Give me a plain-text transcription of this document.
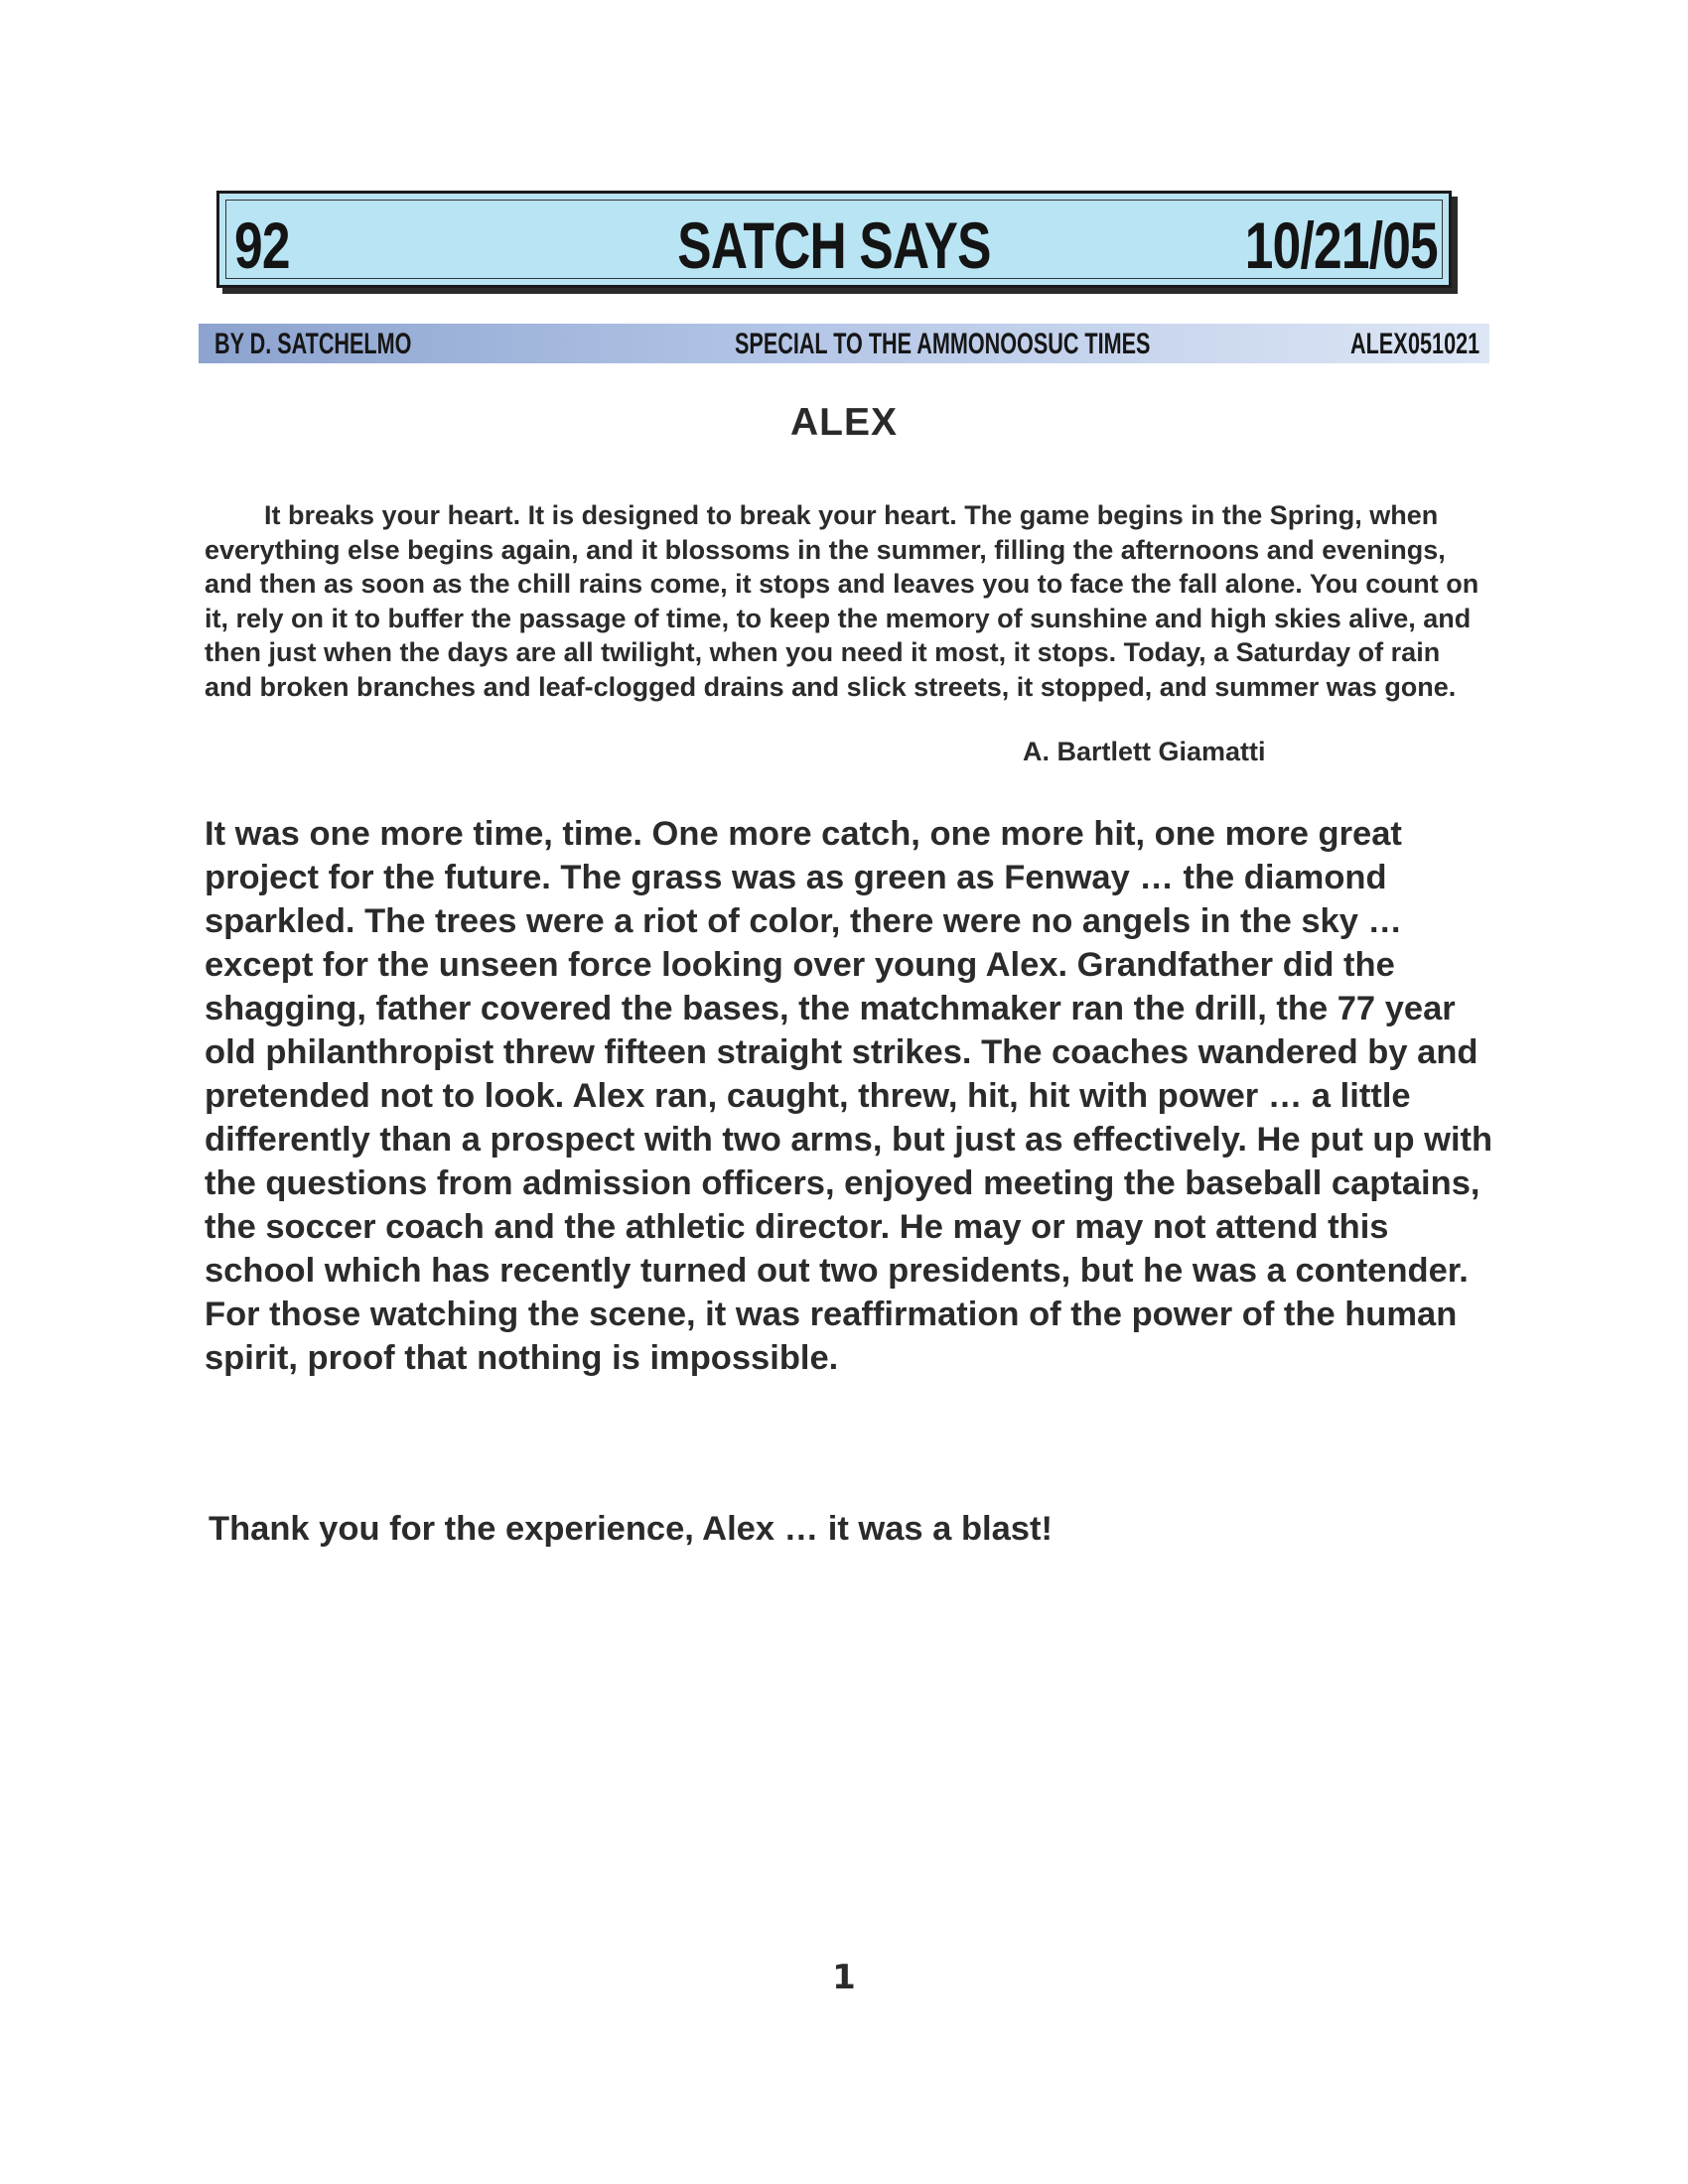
92	SATCH SAYS	10/21/05
BY D. SATCHELMO	SPECIAL TO THE AMMONOOSUC TIMES	ALEX 051021
ALEX
It breaks your heart. It is designed to break your heart. The game begins in the Spring, when everything else begins again, and it blossoms in the summer, filling the afternoons and evenings, and then as soon as the chill rains come, it stops and leaves you to face the fall alone. You count on it, rely on it to buffer the passage of time, to keep the memory of sunshine and high skies alive, and then just when the days are all twilight, when you need it most, it stops. Today, a Saturday of rain and broken branches and leaf-clogged drains and slick streets, it stopped, and summer was gone.
A. Bartlett Giamatti
It was one more time, time. One more catch, one more hit, one more great project for the future. The grass was as green as Fenway … the diamond sparkled. The trees were a riot of color, there were no angels in the sky … except for the unseen force looking over young Alex. Grandfather did the shagging, father covered the bases, the matchmaker ran the drill, the 77 year old philanthropist threw fifteen straight strikes. The coaches wandered by and pretended not to look. Alex ran, caught, threw, hit, hit with power … a little differently than a prospect with two arms, but just as effectively. He put up with the questions from admission officers, enjoyed meeting the baseball captains, the soccer coach and the athletic director. He may or may not attend this school which has recently turned out two presidents, but he was a contender. For those watching the scene, it was reaffirmation of the power of the human spirit, proof that nothing is impossible.
Thank you for the experience, Alex … it was a blast!
1
